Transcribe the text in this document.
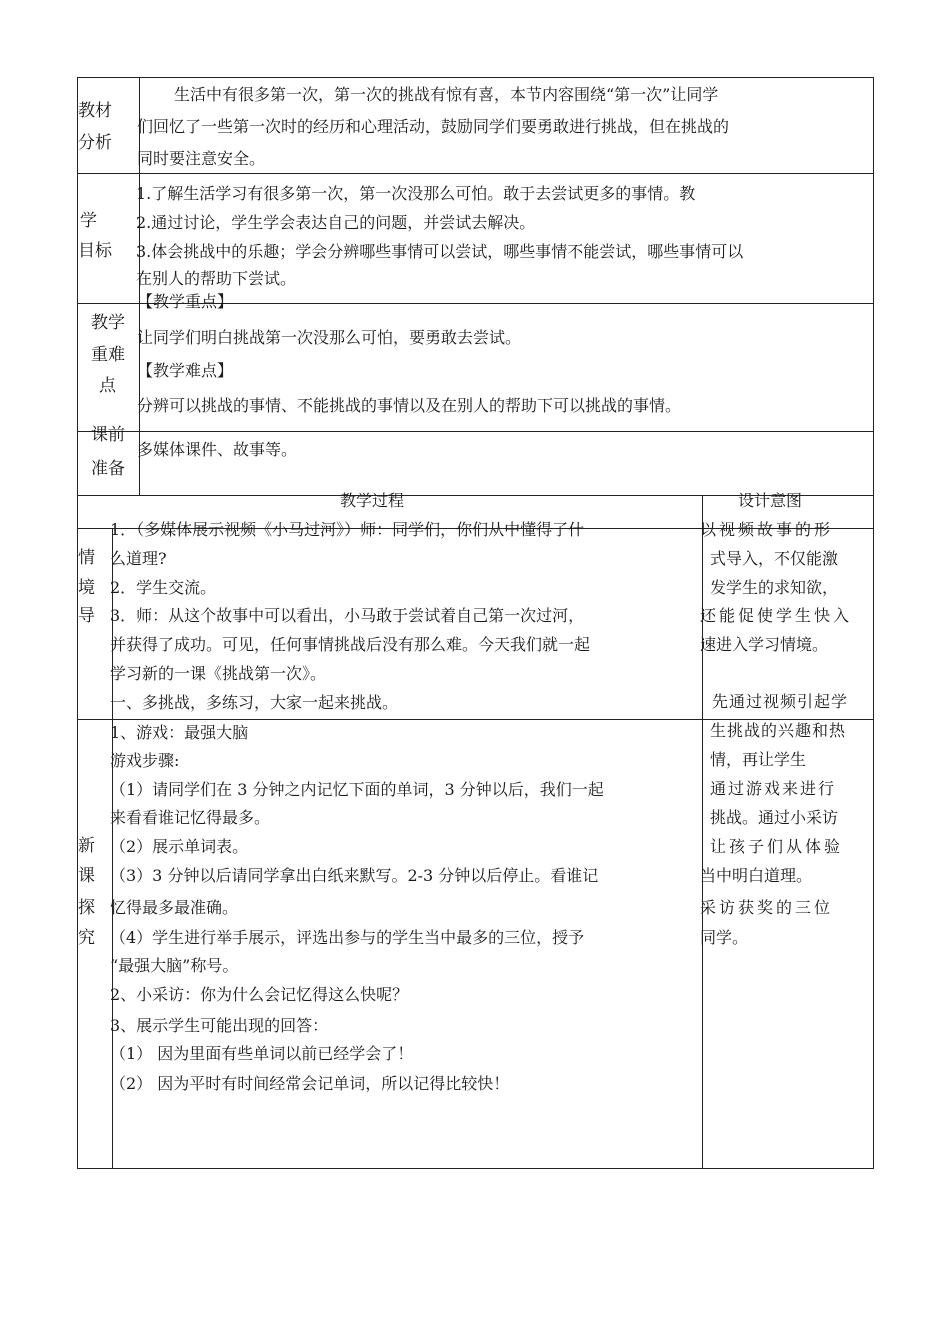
教材
分析
生活中有很多第一次，第一次的挑战有惊有喜，本节内容围绕“第一次”让同学
们回忆了一些第一次时的经历和心理活动，鼓励同学们要勇敢进行挑战，但在挑战的
同时要注意安全。
学
目标
1.了解生活学习有很多第一次，第一次没那么可怕。敢于去尝试更多的事情。教
2.通过讨论，学生学会表达自己的问题，并尝试去解决。
3.体会挑战中的乐趣；学会分辨哪些事情可以尝试，哪些事情不能尝试，哪些事情可以
在别人的帮助下尝试。
教学
重难
点
【教学重点】
让同学们明白挑战第一次没那么可怕，要勇敢去尝试。
【教学难点】
分辨可以挑战的事情、不能挑战的事情以及在别人的帮助下可以挑战的事情。
课前
准备
多媒体课件、故事等。
教学过程	设计意图
情
境
导
1．（多媒体展示视频《小马过河》）师：同学们，你们从中懂得了什
么道理?
2．学生交流。
3．师：从这个故事中可以看出，小马敢于尝试着自己第一次过河，
并获得了成功。可见，任何事情挑战后没有那么难。今天我们就一起
学习新的一课《挑战第一次》。
一、多挑战，多练习，大家一起来挑战。
以视频故事的形
式导入，不仅能激
发学生的求知欲，
还能促使学生快入
速进入学习情境。
新
课
探
究
1、游戏：最强大脑
游戏步骤:
（1）请同学们在 3 分钟之内记忆下面的单词，3 分钟以后，我们一起
来看看谁记忆得最多。
（2）展示单词表。
（3）3 分钟以后请同学拿出白纸来默写。2-3 分钟以后停止。看谁记
忆得最多最准确。
（4）学生进行举手展示，评选出参与的学生当中最多的三位，授予
“最强大脑”称号。
2、小采访：你为什么会记忆得这么快呢？
3、展示学生可能出现的回答：
（1） 因为里面有些单词以前已经学会了！
（2） 因为平时有时间经常会记单词，所以记得比较快！
先通过视频引起学
生挑战的兴趣和热
情，再让学生
通过游戏来进行
挑战。通过小采访
让孩子们从体验
当中明白道理。
采访获奖的三位
同学。
